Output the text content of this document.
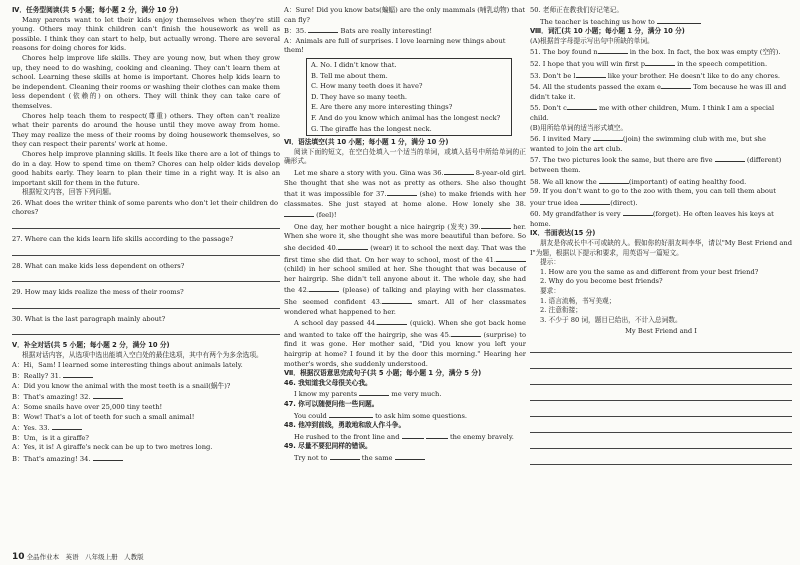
Ⅳ．任务型阅读(共 5 小题；每小题 2 分，满分 10 分)

Many parents want to let their kids enjoy themselves when they're still young. Others may think children can't finish the housework as well as possible. I think they can start to help, but actually wrong. There are several reasons for doing chores for kids.

Chores help improve life skills. They are young now, but when they grow up, they need to do washing, cooking and cleaning. They can't learn them at school. Learning these skills at home is important. Chores help kids learn to be independent. Cleaning their rooms or washing their clothes can make them less dependent (依赖的) on others. They will think they can take care of themselves.

Chores help teach them to respect(尊重) others. They often can't realize what their parents do around the house until they move away from home. They may realize the mess of their rooms by doing housework themselves, so they can respect their parents' work at home.

Chores help improve planning skills. It feels like there are a lot of things to do in a day. How to spend time on them? Chores can help older kids develop good habits early. They learn to plan their time in a right way. It is also an important skill for them in the future.

根据短文内容，回答下列问题。

26. What does the writer think of some parents who don't let their children do chores?

27. Where can the kids learn life skills according to the passage?

28. What can make kids less dependent on others?

29. How may kids realize the mess of their rooms?

30. What is the last paragraph mainly about?

Ⅴ．补全对话(共 5 小题；每小题 2 分，满分 10 分)

根据对话内容，从选项中选出能填入空白处的最佳选项，其中有两个为多余选项。

A：Hi，Sam! I learned some interesting things about animals lately.

B：Really? 31.

A：Did you know the animal with the most teeth is a snail(蜗牛)?

B：That's amazing! 32.

A：Some snails have over 25,000 tiny teeth!

B：Wow! That's a lot of teeth for such a small animal!

A：Yes. 33.

B：Um，is it a giraffe?

A：Yes, it is! A giraffe's neck can be up to two metres long.

B：That's amazing! 34.

A：Sure! Did you know bats(蝙蝠) are the only mammals (哺乳动物) that can fly?

B：35.	Bats are really interesting!

A：Animals are full of surprises. I love learning new things about them!

A. No. I didn't know that.

B. Tell me about them.

C. How many teeth does it have?

D. They have so many teeth.

E. Are there any more interesting things?

F. And do you know which animal has the longest neck?

G. The giraffe has the longest neck.

Ⅵ．语法填空(共 10 小题；每小题 1 分，满分 10 分)

阅读下面的短文，在空白处填入一个适当的单词，或填入括号中所给单词的正确形式。

Let me share a story with you. Gina was 36.	8-year-old girl. She thought that she was not as pretty as others. She also thought that it was impossible for 37.	(she) to make friends with her classmates. She just stayed at home alone. How lonely she 38. (feel)!

One day, her mother bought a nice hairgrip (发夹) 39.	her. When she wore it, she thought she was more beautiful than before. So she decided 40.	(wear) it to school the next day. That was the first time she did that. On her way to school, most of the 41. (child) in her school smiled at her. She thought that was because of her hairgrip. She didn't tell anyone about it. The whole day, she had the 42.	(please) of talking and playing with her classmates. She seemed confident 43.	smart. All of her classmates wondered what happened to her.

A school day passed 44.	(quick). When she got back home and wanted to take off the hairgrip, she was 45.	(surprise) to find it was gone. Her mother said, "Did you know you left your hairgrip at home? I found it by the door this morning." Hearing her mother's words, she suddenly understood.

Ⅶ．根据汉语意思完成句子(共 5 小题；每小题 1 分，满分 5 分)

46. 我知道我父母很关心我。

I know my parents	me very much.

47. 你可以随便问他一些问题。

You could	to ask him some questions.

48. 他冲到前线，勇敢地和敌人作斗争。

He rushed to the front line and	the enemy bravely.

49. 尽量不要犯同样的错误。

Try not to	the same

50. 老师正在教我们好记笔记。

The teacher is teaching us how to

Ⅷ．词汇(共 10 小题；每小题 1 分，满分 10 分)

(A)根据首字母提示写出句中所缺的单词。

51. The boy found n	in the box. In fact, the box was empty (空的).

52. I hope that you will win first p	in the speech competition.

53. Don't be l	like your brother. He doesn't like to do any chores.

54. All the students passed the exam e	Tom because he was ill and didn't take it.

55. Don't c	me with other children, Mum. I think I am a special child.

(B)用所给单词的适当形式填空。

56. I invited Mary	(join) the swimming club with me, but she wanted to join the art club.

57. The two pictures look the same, but there are five	(different) between them.

58. We all know the	(important) of eating healthy food.

59. If you don't want to go to the zoo with them, you can tell them about your true idea	(direct).

60. My grandfather is very	(forget). He often leaves his keys at home.

Ⅸ．书面表达(15 分)

朋友是你成长中不可或缺的人。假如你的好朋友叫李华，请以"My Best Friend and I"为题，根据以下提示和要求，用英语写一篇短文。

提示：

1. How are you the same as and different from your best friend?

2. Why do you become best friends?

要求：

1. 语言流畅，书写美观；

2. 注意衔接；

3. 不少于 80 词，题目已给出，不计入总词数。

My Best Friend and I

10 全品作业本　英语　八年级上册　人教版
